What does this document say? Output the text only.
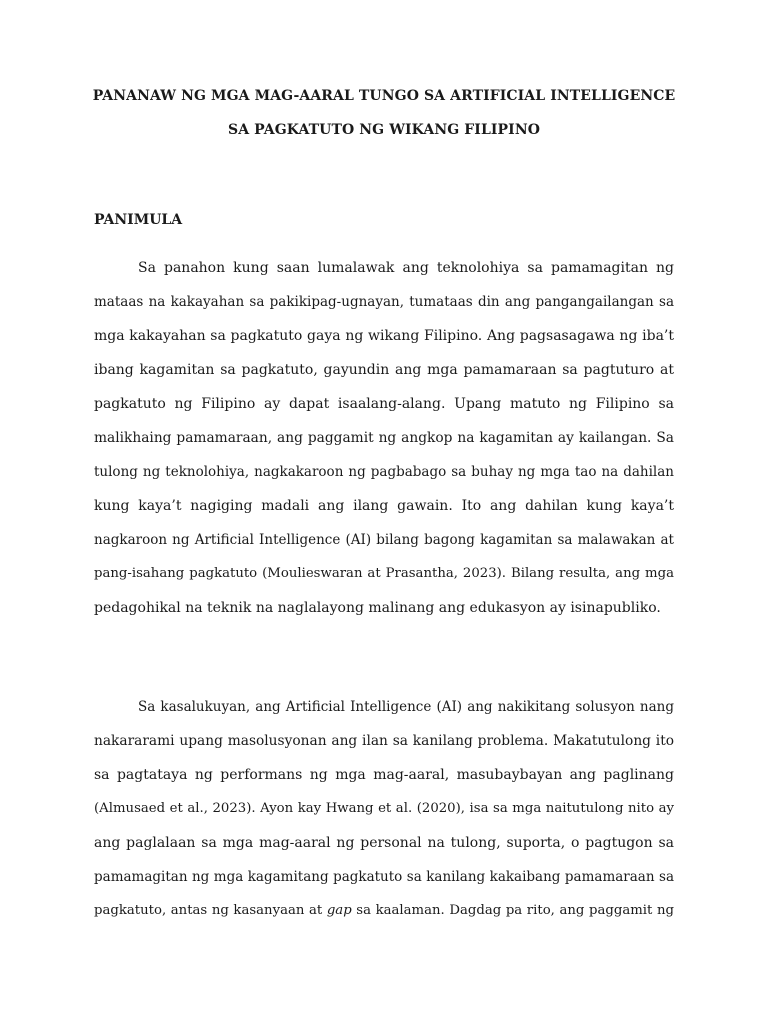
PANANAW NG MGA MAG-AARAL TUNGO SA ARTIFICIAL INTELLIGENCE
SA PAGKATUTO NG WIKANG FILIPINO
PANIMULA
Sa panahon kung saan lumalawak ang teknolohiya sa pamamagitan ng
mataas na kakayahan sa pakikipag-ugnayan, tumataas din ang pangangailangan sa
mga kakayahan sa pagkatuto gaya ng wikang Filipino. Ang pagsasagawa ng iba’t
ibang kagamitan sa pagkatuto, gayundin ang mga pamamaraan sa pagtuturo at
pagkatuto ng Filipino ay dapat isaalang-alang. Upang matuto ng Filipino sa
malikhaing pamamaraan, ang paggamit ng angkop na kagamitan ay kailangan. Sa
tulong ng teknolohiya, nagkakaroon ng pagbabago sa buhay ng mga tao na dahilan
kung kaya’t nagiging madali ang ilang gawain. Ito ang dahilan kung kaya’t
nagkaroon ng Artificial Intelligence (AI) bilang bagong kagamitan sa malawakan at
pang-isahang pagkatuto (Moulieswaran at Prasantha, 2023). Bilang resulta, ang mga
pedagohikal na teknik na naglalayong malinang ang edukasyon ay isinapubliko.
Sa kasalukuyan, ang Artificial Intelligence (AI) ang nakikitang solusyon nang
nakararami upang masolusyonan ang ilan sa kanilang problema. Makatutulong ito
sa pagtataya ng performans ng mga mag-aaral, masubaybayan ang paglinang
(Almusaed et al., 2023). Ayon kay Hwang et al. (2020), isa sa mga naitutulong nito ay
ang paglalaan sa mga mag-aaral ng personal na tulong, suporta, o pagtugon sa
pamamagitan ng mga kagamitang pagkatuto sa kanilang kakaibang pamamaraan sa
pagkatuto, antas ng kasanyaan at gap sa kaalaman. Dagdag pa rito, ang paggamit ng
